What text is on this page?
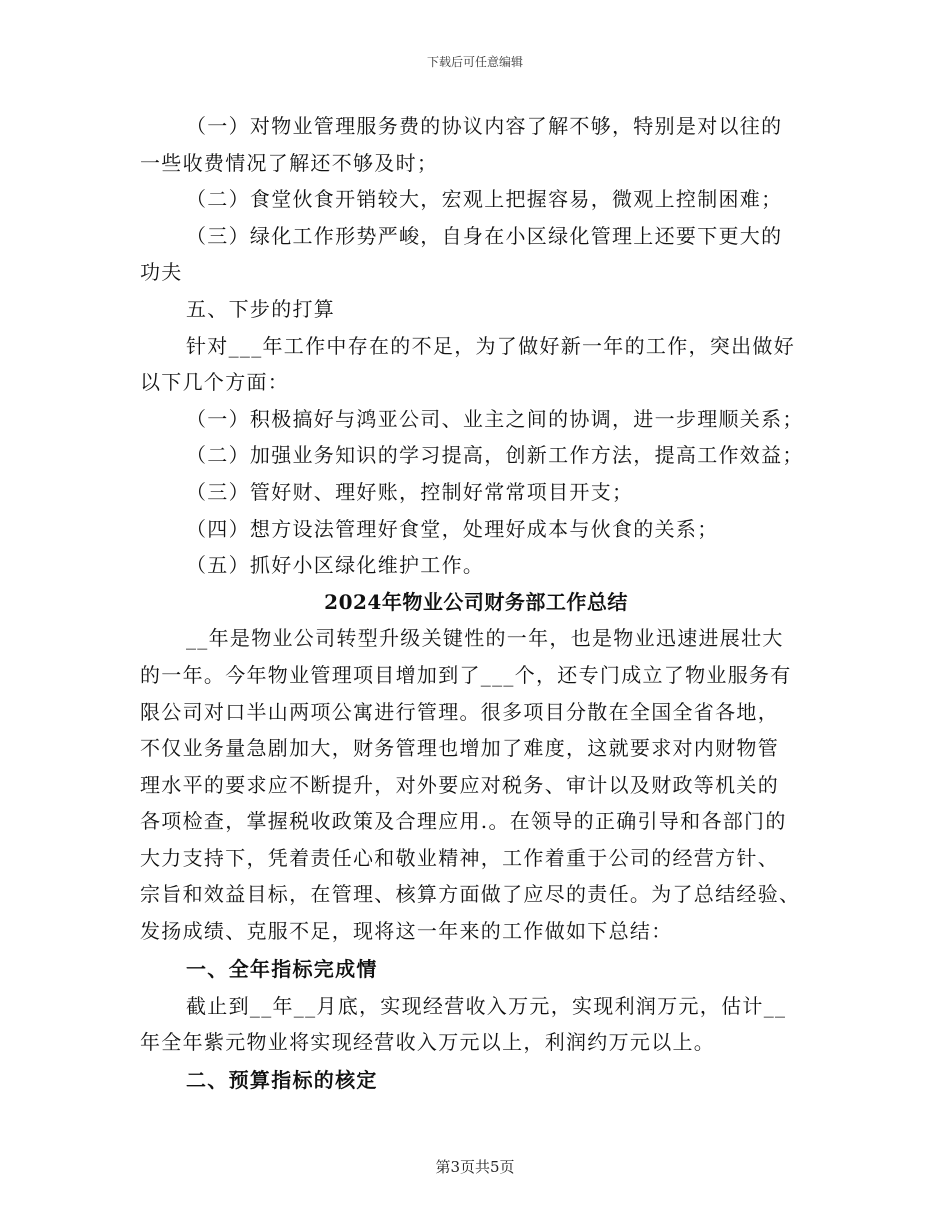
下载后可任意编辑
（一）对物业管理服务费的协议内容了解不够，特别是对以往的
一些收费情况了解还不够及时；
（二）食堂伙食开销较大，宏观上把握容易，微观上控制困难；
（三）绿化工作形势严峻，自身在小区绿化管理上还要下更大的
功夫
五、下步的打算
针对___年工作中存在的不足，为了做好新一年的工作，突出做好
以下几个方面：
（一）积极搞好与鸿亚公司、业主之间的协调，进一步理顺关系；
（二）加强业务知识的学习提高，创新工作方法，提高工作效益；
（三）管好财、理好账，控制好常常项目开支；
（四）想方设法管理好食堂，处理好成本与伙食的关系；
（五）抓好小区绿化维护工作。
2024年物业公司财务部工作总结
__年是物业公司转型升级关键性的一年，也是物业迅速进展壮大
的一年。今年物业管理项目增加到了___个，还专门成立了物业服务有
限公司对口半山两项公寓进行管理。很多项目分散在全国全省各地，
不仅业务量急剧加大，财务管理也增加了难度，这就要求对内财物管
理水平的要求应不断提升，对外要应对税务、审计以及财政等机关的
各项检查，掌握税收政策及合理应用.。在领导的正确引导和各部门的
大力支持下，凭着责任心和敬业精神，工作着重于公司的经营方针、
宗旨和效益目标，在管理、核算方面做了应尽的责任。为了总结经验、
发扬成绩、克服不足，现将这一年来的工作做如下总结：
一、全年指标完成情
截止到__年__月底，实现经营收入万元，实现利润万元，估计__
年全年紫元物业将实现经营收入万元以上，利润约万元以上。
二、预算指标的核定
第3页共5页
